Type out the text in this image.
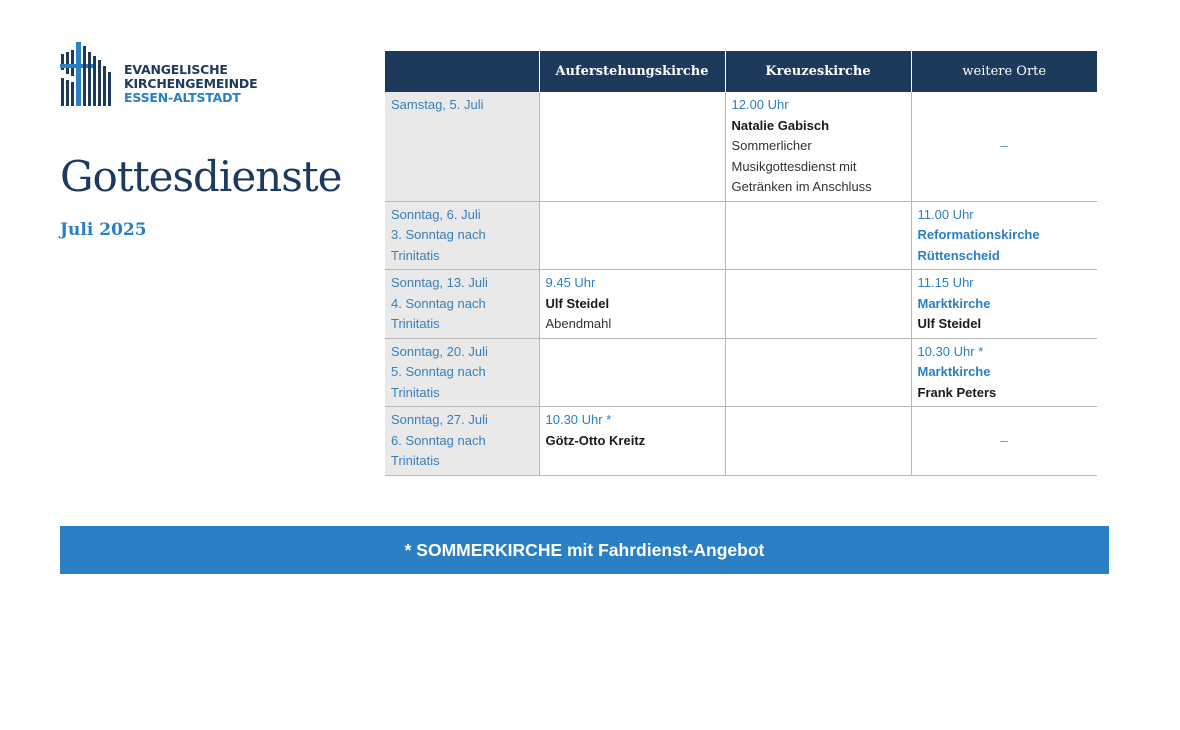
EVANGELISCHE
KIRCHENGEMEINDE
ESSEN-ALTSTADT
Gottesdienste
Juli 2025
	Auferstehungskirche	Kreuzeskirche	weitere Orte

Samstag, 5. Juli		12.00 Uhr
Natalie Gabisch
Sommerlicher
Musikgottesdienst mit
Getränken im Anschluss	–

Sonntag, 6. Juli
3. Sonntag nach
Trinitatis			11.00 Uhr
Reformationskirche
Rüttenscheid

Sonntag, 13. Juli
4. Sonntag nach
Trinitatis	9.45 Uhr
Ulf Steidel
Abendmahl		11.15 Uhr
Marktkirche
Ulf Steidel

Sonntag, 20. Juli
5. Sonntag nach
Trinitatis			10.30 Uhr *
Marktkirche
Frank Peters

Sonntag, 27. Juli
6. Sonntag nach
Trinitatis	10.30 Uhr *
Götz-Otto Kreitz		–
* SOMMERKIRCHE mit Fahrdienst-Angebot
